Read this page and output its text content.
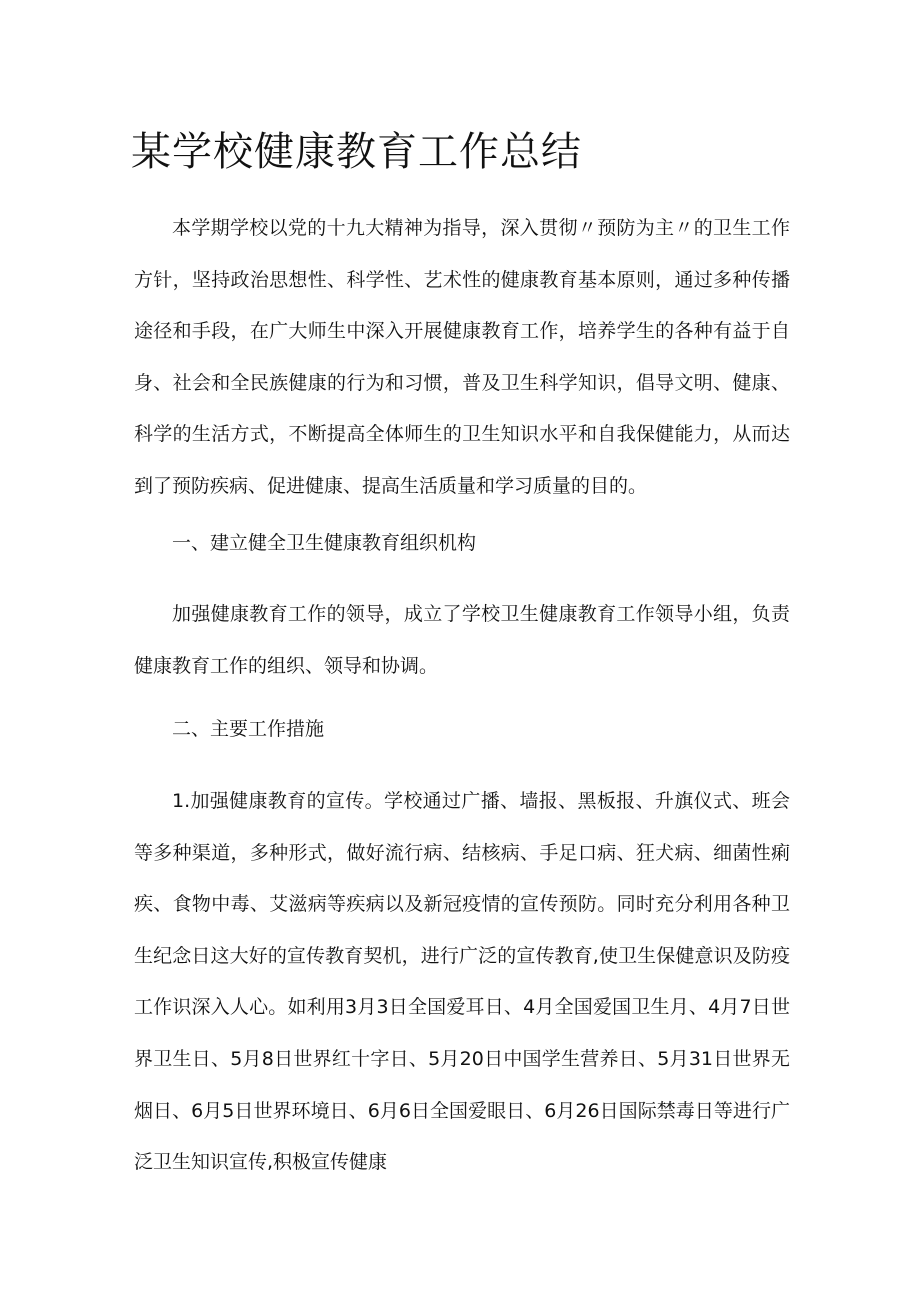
某学校健康教育工作总结

本学期学校以党的十九大精神为指导，深入贯彻〃预防为主〃的卫生工作方针，坚持政治思想性、科学性、艺术性的健康教育基本原则，通过多种传播途径和手段，在广大师生中深入开展健康教育工作，培养学生的各种有益于自身、社会和全民族健康的行为和习惯，普及卫生科学知识，倡导文明、健康、科学的生活方式，不断提高全体师生的卫生知识水平和自我保健能力，从而达到了预防疾病、促进健康、提高生活质量和学习质量的目的。

一、建立健全卫生健康教育组织机构

加强健康教育工作的领导，成立了学校卫生健康教育工作领导小组，负责健康教育工作的组织、领导和协调。

二、主要工作措施

1.加强健康教育的宣传。学校通过广播、墙报、黑板报、升旗仪式、班会等多种渠道，多种形式，做好流行病、结核病、手足口病、狂犬病、细菌性痢疾、食物中毒、艾滋病等疾病以及新冠疫情的宣传预防。同时充分利用各种卫生纪念日这大好的宣传教育契机，进行广泛的宣传教育,使卫生保健意识及防疫工作识深入人心。如利用3月3日全国爱耳日、4月全国爱国卫生月、4月7日世界卫生日、5月8日世界红十字日、5月20日中国学生营养日、5月31日世界无烟日、6月5日世界环境日、6月6日全国爱眼日、6月26日国际禁毒日等进行广泛卫生知识宣传,积极宣传健康
